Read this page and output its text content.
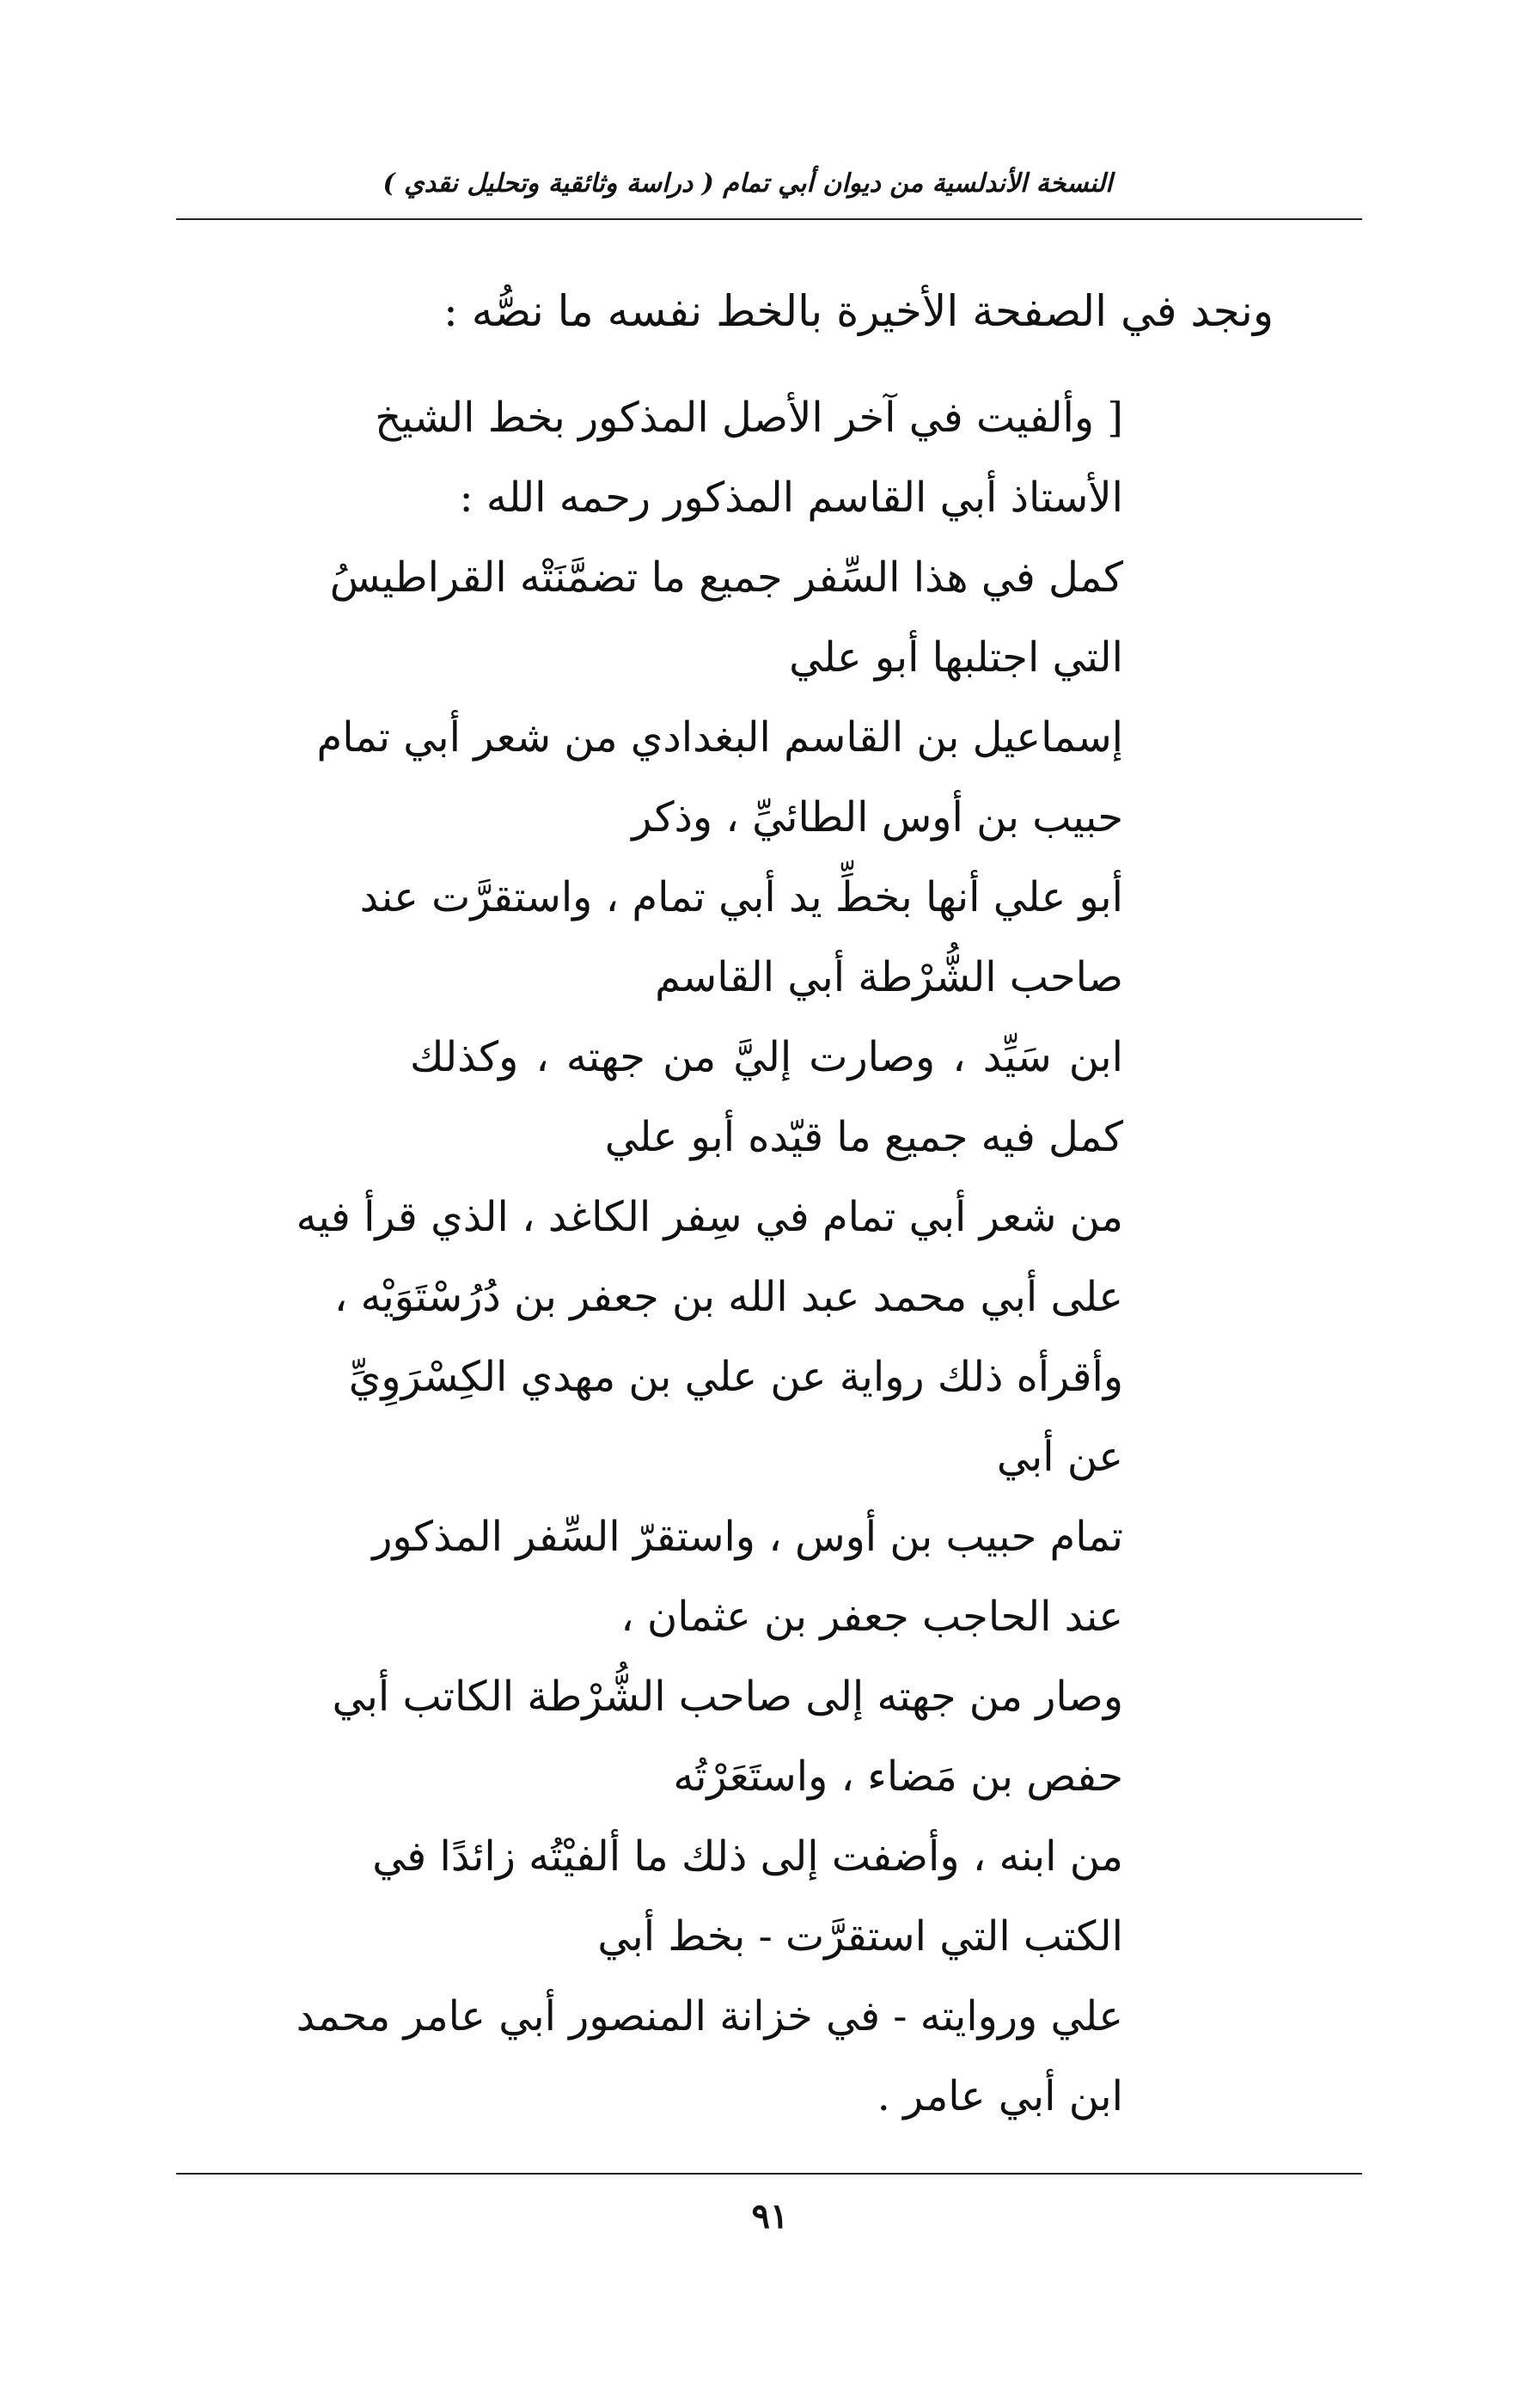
النسخة الأندلسية من ديوان أبي تمام ( دراسة وثائقية وتحليل نقدي )
ونجد في الصفحة الأخيرة بالخط نفسه ما نصُّه :
[ وألفيت في آخر الأصل المذكور بخط الشيخ
الأستاذ أبي القاسم المذكور رحمه الله :
كمل في هذا السِّفر جميع ما تضمَّنَتْه القراطيسُ
التي اجتلبها أبو علي
إسماعيل بن القاسم البغدادي من شعر أبي تمام
حبيب بن أوس الطائيِّ ، وذكر
أبو علي أنها بخطِّ يد أبي تمام ، واستقرَّت عند
صاحب الشُّرْطة أبي القاسم
ابن سَيِّد ، وصارت إليَّ من جهته ، وكذلك
كمل فيه جميع ما قيّده أبو علي
من شعر أبي تمام في سِفر الكاغد ، الذي قرأ فيه
على أبي محمد عبد الله بن جعفر بن دُرُسْتَوَيْه ،
وأقرأه ذلك رواية عن علي بن مهدي الكِسْرَوِيِّ
عن أبي
تمام حبيب بن أوس ، واستقرّ السِّفر المذكور
عند الحاجب جعفر بن عثمان ،
وصار من جهته إلى صاحب الشُّرْطة الكاتب أبي
حفص بن مَضاء ، واستَعَرْتُه
من ابنه ، وأضفت إلى ذلك ما ألفيْتُه زائدًا في
الكتب التي استقرَّت - بخط أبي
علي وروايته - في خزانة المنصور أبي عامر محمد
ابن أبي عامر .
٩١
